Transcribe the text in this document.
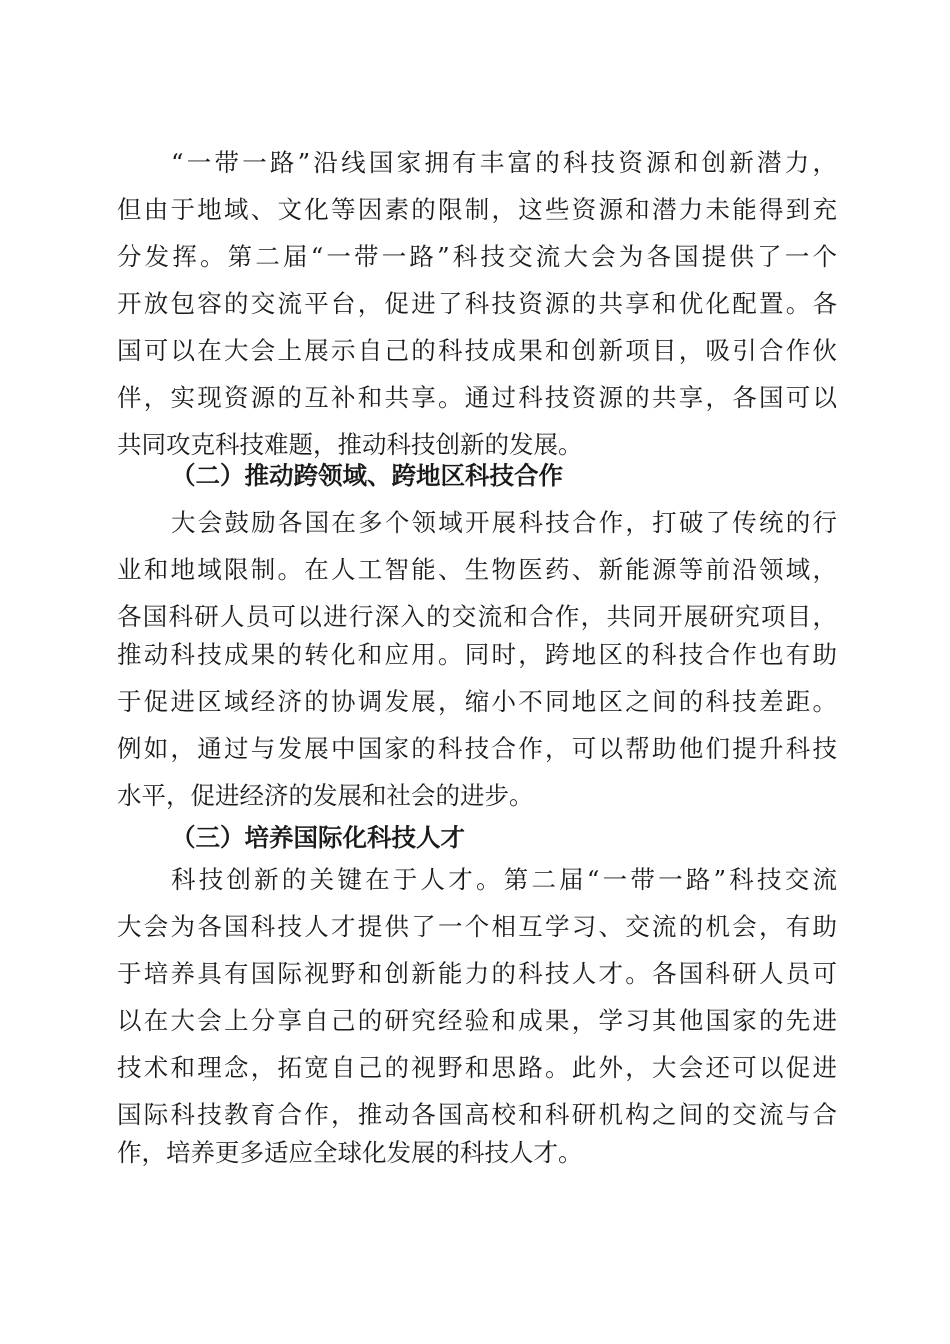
“一带一路”沿线国家拥有丰富的科技资源和创新潜力，
但由于地域、文化等因素的限制，这些资源和潜力未能得到充
分发挥。第二届“一带一路”科技交流大会为各国提供了一个
开放包容的交流平台，促进了科技资源的共享和优化配置。各
国可以在大会上展示自己的科技成果和创新项目，吸引合作伙
伴，实现资源的互补和共享。通过科技资源的共享，各国可以
共同攻克科技难题，推动科技创新的发展。
（二）推动跨领域、跨地区科技合作
大会鼓励各国在多个领域开展科技合作，打破了传统的行
业和地域限制。在人工智能、生物医药、新能源等前沿领域，
各国科研人员可以进行深入的交流和合作，共同开展研究项目，
推动科技成果的转化和应用。同时，跨地区的科技合作也有助
于促进区域经济的协调发展，缩小不同地区之间的科技差距。
例如，通过与发展中国家的科技合作，可以帮助他们提升科技
水平，促进经济的发展和社会的进步。
（三）培养国际化科技人才
科技创新的关键在于人才。第二届“一带一路”科技交流
大会为各国科技人才提供了一个相互学习、交流的机会，有助
于培养具有国际视野和创新能力的科技人才。各国科研人员可
以在大会上分享自己的研究经验和成果，学习其他国家的先进
技术和理念，拓宽自己的视野和思路。此外，大会还可以促进
国际科技教育合作，推动各国高校和科研机构之间的交流与合
作，培养更多适应全球化发展的科技人才。
